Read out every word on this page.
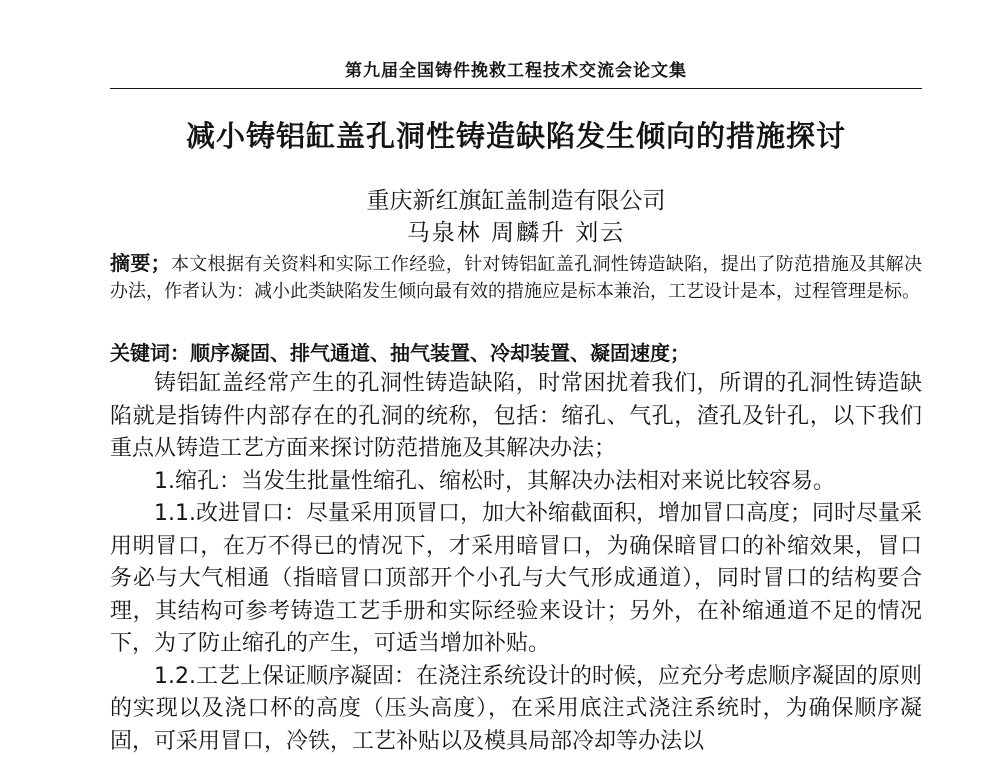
第九届全国铸件挽救工程技术交流会论文集
减小铸铝缸盖孔洞性铸造缺陷发生倾向的措施探讨
重庆新红旗缸盖制造有限公司
马泉林 周麟升 刘云
摘要；本文根据有关资料和实际工作经验，针对铸铝缸盖孔洞性铸造缺陷，提出了防范措施及其解决办法，作者认为：减小此类缺陷发生倾向最有效的措施应是标本兼治，工艺设计是本，过程管理是标。
关键词：顺序凝固、排气通道、抽气装置、冷却装置、凝固速度；

铸铝缸盖经常产生的孔洞性铸造缺陷，时常困扰着我们，所谓的孔洞性铸造缺陷就是指铸件内部存在的孔洞的统称，包括：缩孔、气孔，渣孔及针孔，以下我们重点从铸造工艺方面来探讨防范措施及其解决办法；

1.缩孔：当发生批量性缩孔、缩松时，其解决办法相对来说比较容易。

1.1.改进冒口：尽量采用顶冒口，加大补缩截面积，增加冒口高度；同时尽量采用明冒口，在万不得已的情况下，才采用暗冒口，为确保暗冒口的补缩效果，冒口务必与大气相通（指暗冒口顶部开个小孔与大气形成通道），同时冒口的结构要合理，其结构可参考铸造工艺手册和实际经验来设计；另外，在补缩通道不足的情况下，为了防止缩孔的产生，可适当增加补贴。

1.2.工艺上保证顺序凝固：在浇注系统设计的时候，应充分考虑顺序凝固的原则的实现以及浇口杯的高度（压头高度），在采用底注式浇注系统时，为确保顺序凝固，可采用冒口，冷铁，工艺补贴以及模具局部冷却等办法以
